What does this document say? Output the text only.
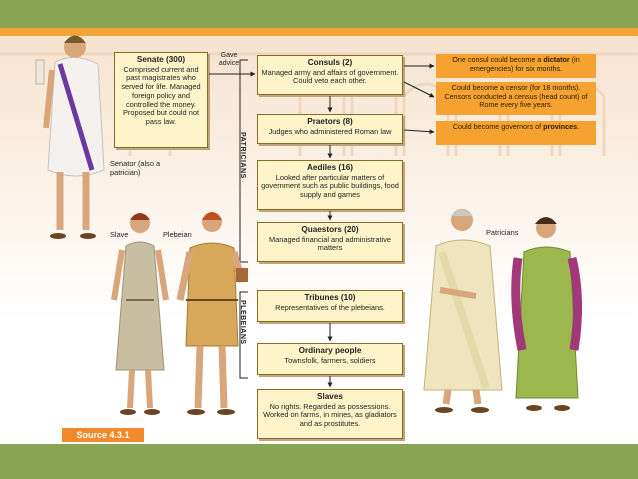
Senate (300)
Comprised current and past magistrates who served for life. Managed foreign policy and controlled the money. Proposed but could not pass law.
Gave advice	Consuls (2)
Managed army and affairs of government. Could veto each other.
Praetors (8)
Judges who administered Roman law
Aediles (16)
Looked after particular matters of government such as public buildings, food supply and games
Quaestors (20)
Managed financial and administrative matters
Tribunes (10)
Representatives of the plebeians.
Ordinary people
Townsfolk, farmers, soldiers
Slaves
No rights. Regarded as possessions. Worked on farms, in mines, as gladiators and as prostitutes.
One consul could become a dictator (in emergencies) for six months.
Could become a censor (for 18 months). Censors conducted a census (head count) of Rome every five years.
Could become governors of provinces.
PATRICIANS
PLEBEIANS
Senator (also a patrician)
Slave	Plebeian	Patricians
Source 4.3.1
